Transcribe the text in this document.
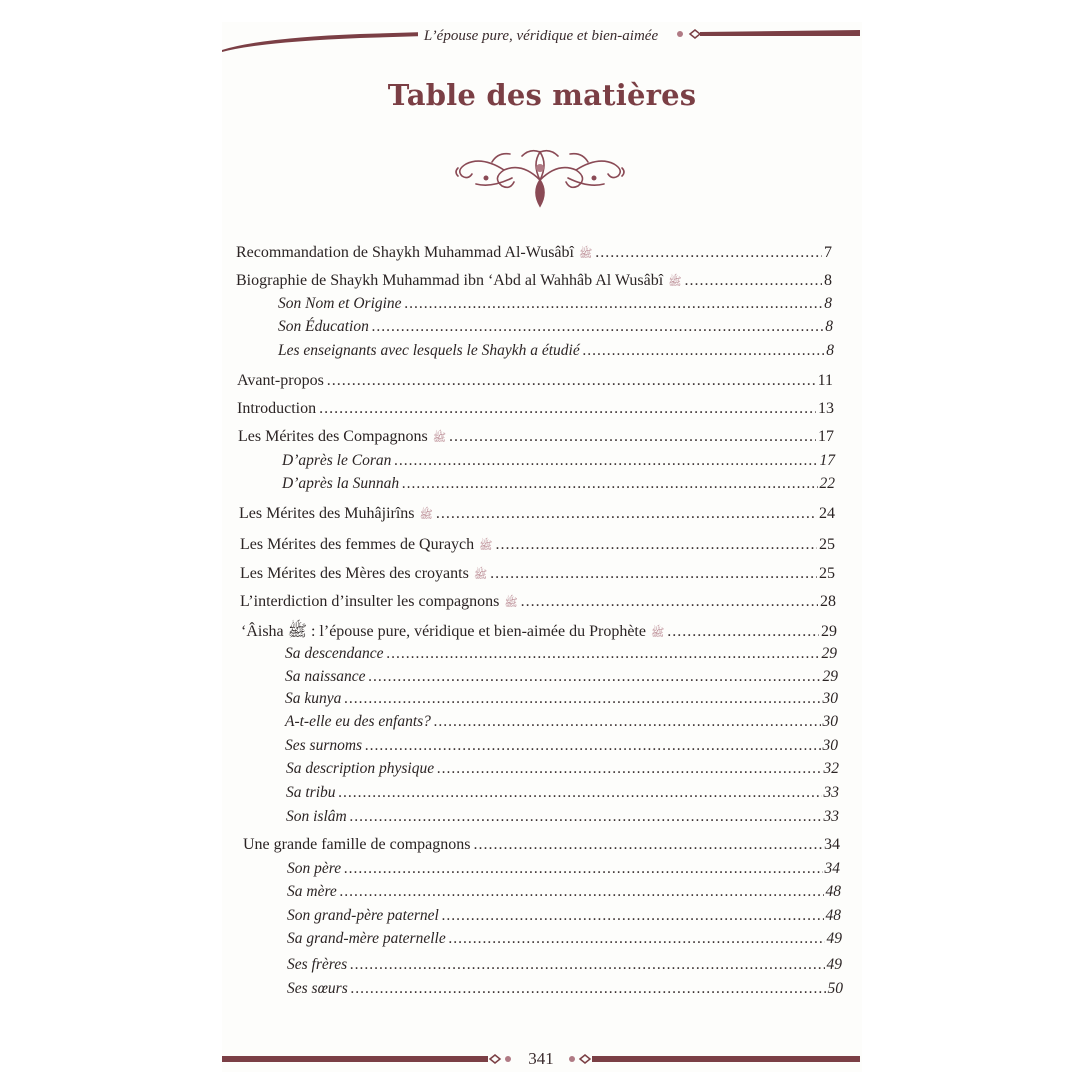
L’épouse pure, véridique et bien-aimée
Table des matières
Recommandation de Shaykh Muhammad Al-Wusâbî ﷺ .....	7
Biographie de Shaykh Muhammad ibn ‘Abd al Wahhâb Al Wusâbî ﷺ .....	8
Son Nom et Origine .....	8
Son Éducation .....	8
Les enseignants avec lesquels le Shaykh a étudié .....	8
Avant-propos .....	11
Introduction .....	13
Les Mérites des Compagnons ﷺ .....	17
D’après le Coran .....	17
D’après la Sunnah .....	22
Les Mérites des Muhâjirîns ﷺ .....	24
Les Mérites des femmes de Quraych ﷺ .....	25
Les Mérites des Mères des croyants ﷺ .....	25
L’interdiction d’insulter les compagnons ﷺ .....	28
‘Âisha ﷺ : l’épouse pure, véridique et bien-aimée du Prophète ﷺ .....	29
Sa descendance .....	29
Sa naissance .....	29
Sa kunya .....	30
A-t-elle eu des enfants? .....	30
Ses surnoms .....	30
Sa description physique .....	32
Sa tribu .....	33
Son islâm .....	33
Une grande famille de compagnons .....	34
Son père .....	34
Sa mère .....	48
Son grand-père paternel .....	48
Sa grand-mère paternelle .....	49
Ses frères .....	49
Ses sœurs .....	50
341
